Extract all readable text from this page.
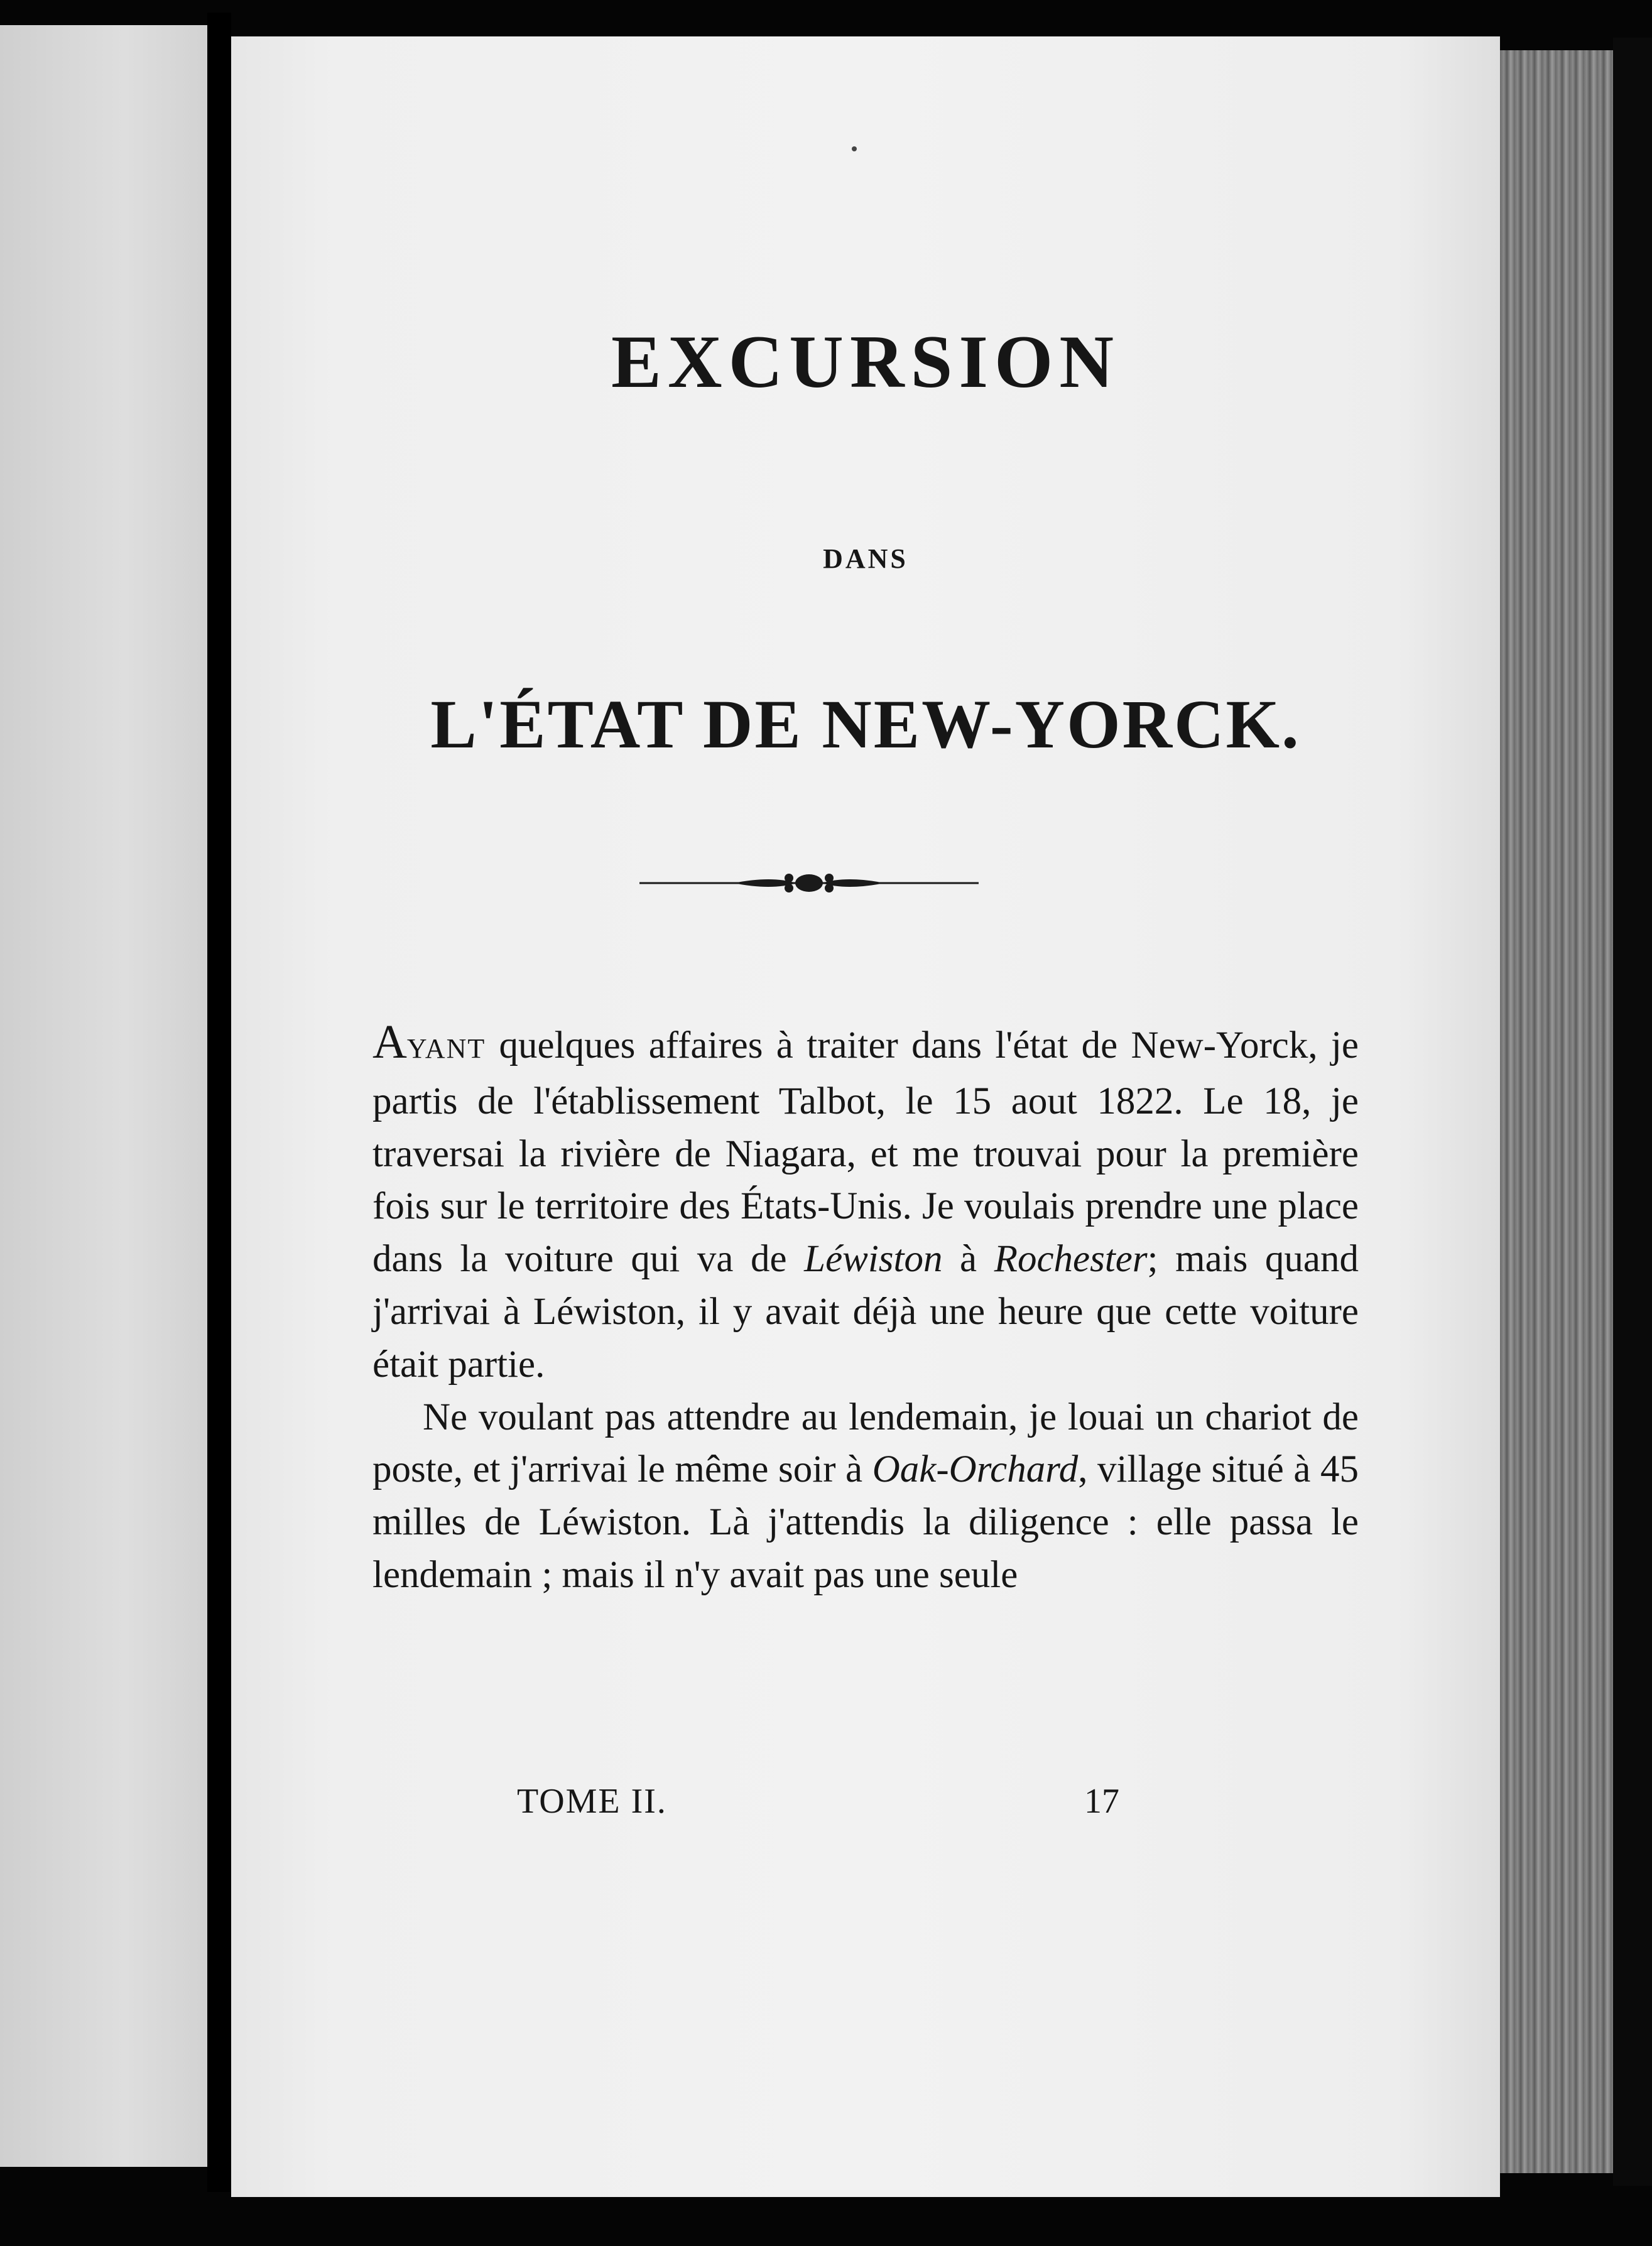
EXCURSION
DANS
L'ÉTAT DE NEW-YORCK.

AYANT quelques affaires à traiter dans l'état de New-Yorck, je partis de l'établissement Talbot, le 15 aout 1822. Le 18, je traversai la rivière de Niagara, et me trouvai pour la première fois sur le territoire des États-Unis. Je voulais prendre une place dans la voiture qui va de Léwiston à Rochester; mais quand j'arrivai à Léwiston, il y avait déjà une heure que cette voiture était partie.

Ne voulant pas attendre au lendemain, je louai un chariot de poste, et j'arrivai le même soir à Oak-Orchard, village situé à 45 milles de Léwiston. Là j'attendis la diligence : elle passa le lendemain ; mais il n'y avait pas une seule

TOME II.	17
